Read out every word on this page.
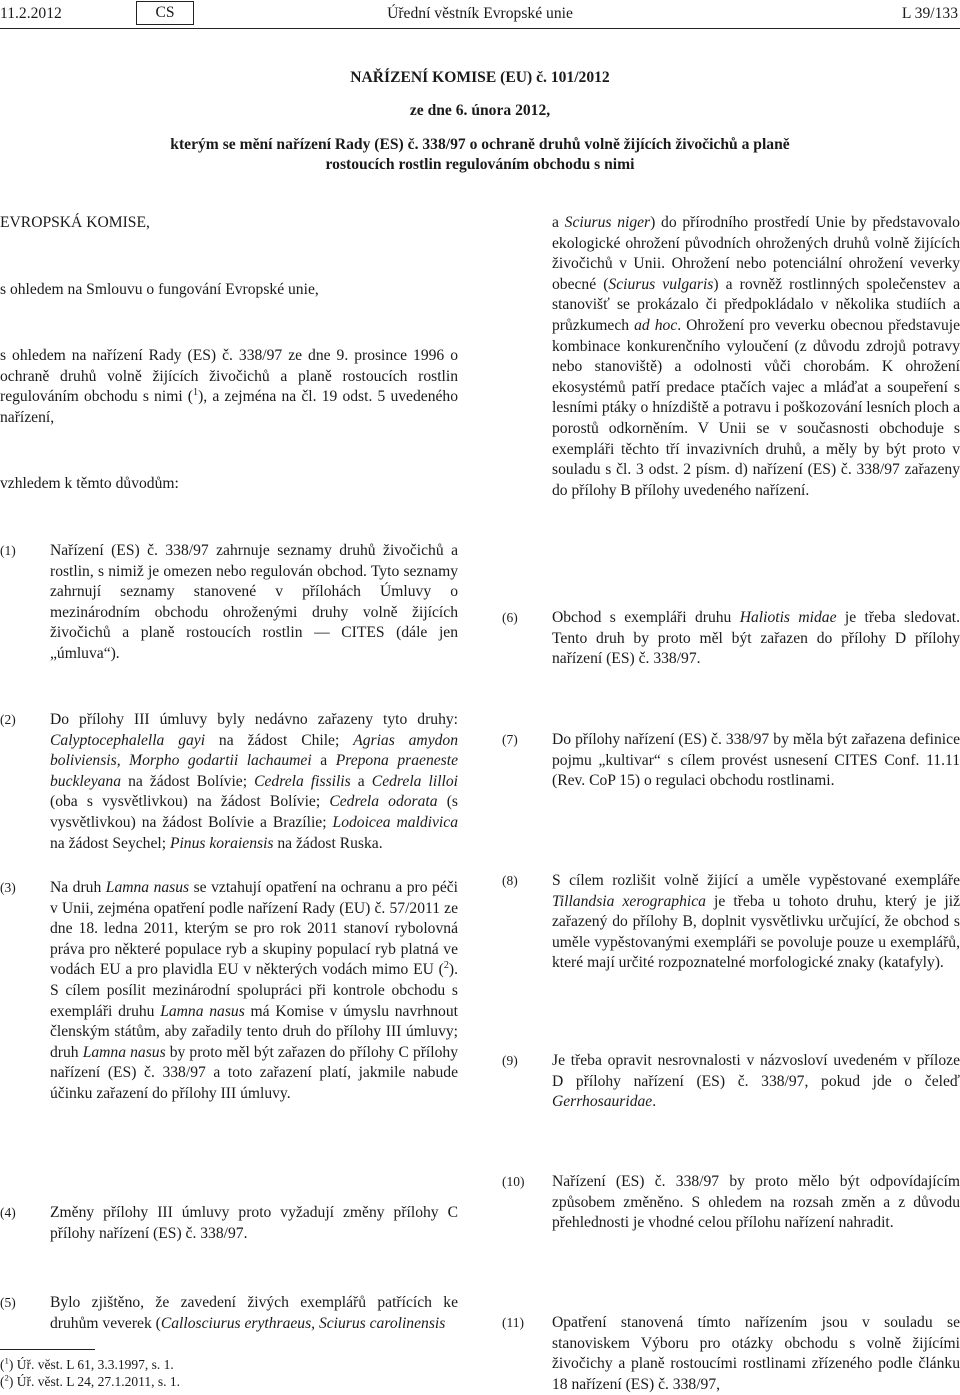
11.2.2012	CS	Úřední věstník Evropské unie	L 39/133
NAŘÍZENÍ KOMISE (EU) č. 101/2012
ze dne 6. února 2012,
kterým se mění nařízení Rady (ES) č. 338/97 o ochraně druhů volně žijících živočichů a planě
rostoucích rostlin regulováním obchodu s nimi
EVROPSKÁ KOMISE,
s ohledem na Smlouvu o fungování Evropské unie,
s ohledem na nařízení Rady (ES) č. 338/97 ze dne 9. prosince 1996 o ochraně druhů volně žijících živočichů a planě rostoucích rostlin regulováním obchodu s nimi ($^1$), a zejména na čl. 19 odst. 5 uvedeného nařízení,
vzhledem k těmto důvodům:
(1) Nařízení (ES) č. 338/97 zahrnuje seznamy druhů živočichů a rostlin, s nimiž je omezen nebo regulován obchod. Tyto seznamy zahrnují seznamy stanovené v přílohách Úmluvy o mezinárodním obchodu ohroženými druhy volně žijících živočichů a planě rostoucích rostlin — CITES (dále jen „úmluva“).
(2) Do přílohy III úmluvy byly nedávno zařazeny tyto druhy: Calyptocephalella gayi na žádost Chile; Agrias amydon boliviensis, Morpho godartii lachaumei a Prepona praeneste buckleyana na žádost Bolívie; Cedrela fissilis a Cedrela lilloi (oba s vysvětlivkou) na žádost Bolívie; Cedrela odorata (s vysvětlivkou) na žádost Bolívie a Brazílie; Lodoicea maldivica na žádost Seychel; Pinus koraiensis na žádost Ruska.
(3) Na druh Lamna nasus se vztahují opatření na ochranu a pro péči v Unii, zejména opatření podle nařízení Rady (EU) č. 57/2011 ze dne 18. ledna 2011, kterým se pro rok 2011 stanoví rybolovná práva pro některé populace ryb a skupiny populací ryb platná ve vodách EU a pro plavidla EU v některých vodách mimo EU ($^2$). S cílem posílit mezinárodní spolupráci při kontrole obchodu s exempláři druhu Lamna nasus má Komise v úmyslu navrhnout členským státům, aby zařadily tento druh do přílohy III úmluvy; druh Lamna nasus by proto měl být zařazen do přílohy C přílohy nařízení (ES) č. 338/97 a toto zařazení platí, jakmile nabude účinku zařazení do přílohy III úmluvy.
(4) Změny přílohy III úmluvy proto vyžadují změny přílohy C přílohy nařízení (ES) č. 338/97.
(5) Bylo zjištěno, že zavedení živých exemplářů patřících ke druhům veverek (Callosciurus erythraeus, Sciurus carolinensis
($^1$) Úř. věst. L 61, 3.3.1997, s. 1.
($^2$) Úř. věst. L 24, 27.1.2011, s. 1.
a Sciurus niger) do přírodního prostředí Unie by představovalo ekologické ohrožení původních ohrožených druhů volně žijících živočichů v Unii. Ohrožení nebo potenciální ohrožení veverky obecné (Sciurus vulgaris) a rovněž rostlinných společenstev a stanovišť se prokázalo či předpokládalo v několika studiích a průzkumech ad hoc. Ohrožení pro veverku obecnou představuje kombinace konkurenčního vyloučení (z důvodu zdrojů potravy nebo stanoviště) a odolnosti vůči chorobám. K ohrožení ekosystémů patří predace ptačích vajec a mláďat a soupeření s lesními ptáky o hnízdiště a potravu i poškozování lesních ploch a porostů odkorněním. V Unii se v současnosti obchoduje s exempláři těchto tří invazivních druhů, a měly by být proto v souladu s čl. 3 odst. 2 písm. d) nařízení (ES) č. 338/97 zařazeny do přílohy B přílohy uvedeného nařízení.
(6) Obchod s exempláři druhu Haliotis midae je třeba sledovat. Tento druh by proto měl být zařazen do přílohy D přílohy nařízení (ES) č. 338/97.
(7) Do přílohy nařízení (ES) č. 338/97 by měla být zařazena definice pojmu „kultivar“ s cílem provést usnesení CITES Conf. 11.11 (Rev. CoP 15) o regulaci obchodu rostlinami.
(8) S cílem rozlišit volně žijící a uměle vypěstované exempláře Tillandsia xerographica je třeba u tohoto druhu, který je již zařazený do přílohy B, doplnit vysvětlivku určující, že obchod s uměle vypěstovanými exempláři se povoluje pouze u exemplářů, které mají určité rozpoznatelné morfologické znaky (katafyly).
(9) Je třeba opravit nesrovnalosti v názvosloví uvedeném v příloze D přílohy nařízení (ES) č. 338/97, pokud jde o čeleď Gerrhosauridae.
(10) Nařízení (ES) č. 338/97 by proto mělo být odpovídajícím způsobem změněno. S ohledem na rozsah změn a z důvodu přehlednosti je vhodné celou přílohu nařízení nahradit.
(11) Opatření stanovená tímto nařízením jsou v souladu se stanoviskem Výboru pro otázky obchodu s volně žijícími živočichy a planě rostoucími rostlinami zřízeného podle článku 18 nařízení (ES) č. 338/97,
